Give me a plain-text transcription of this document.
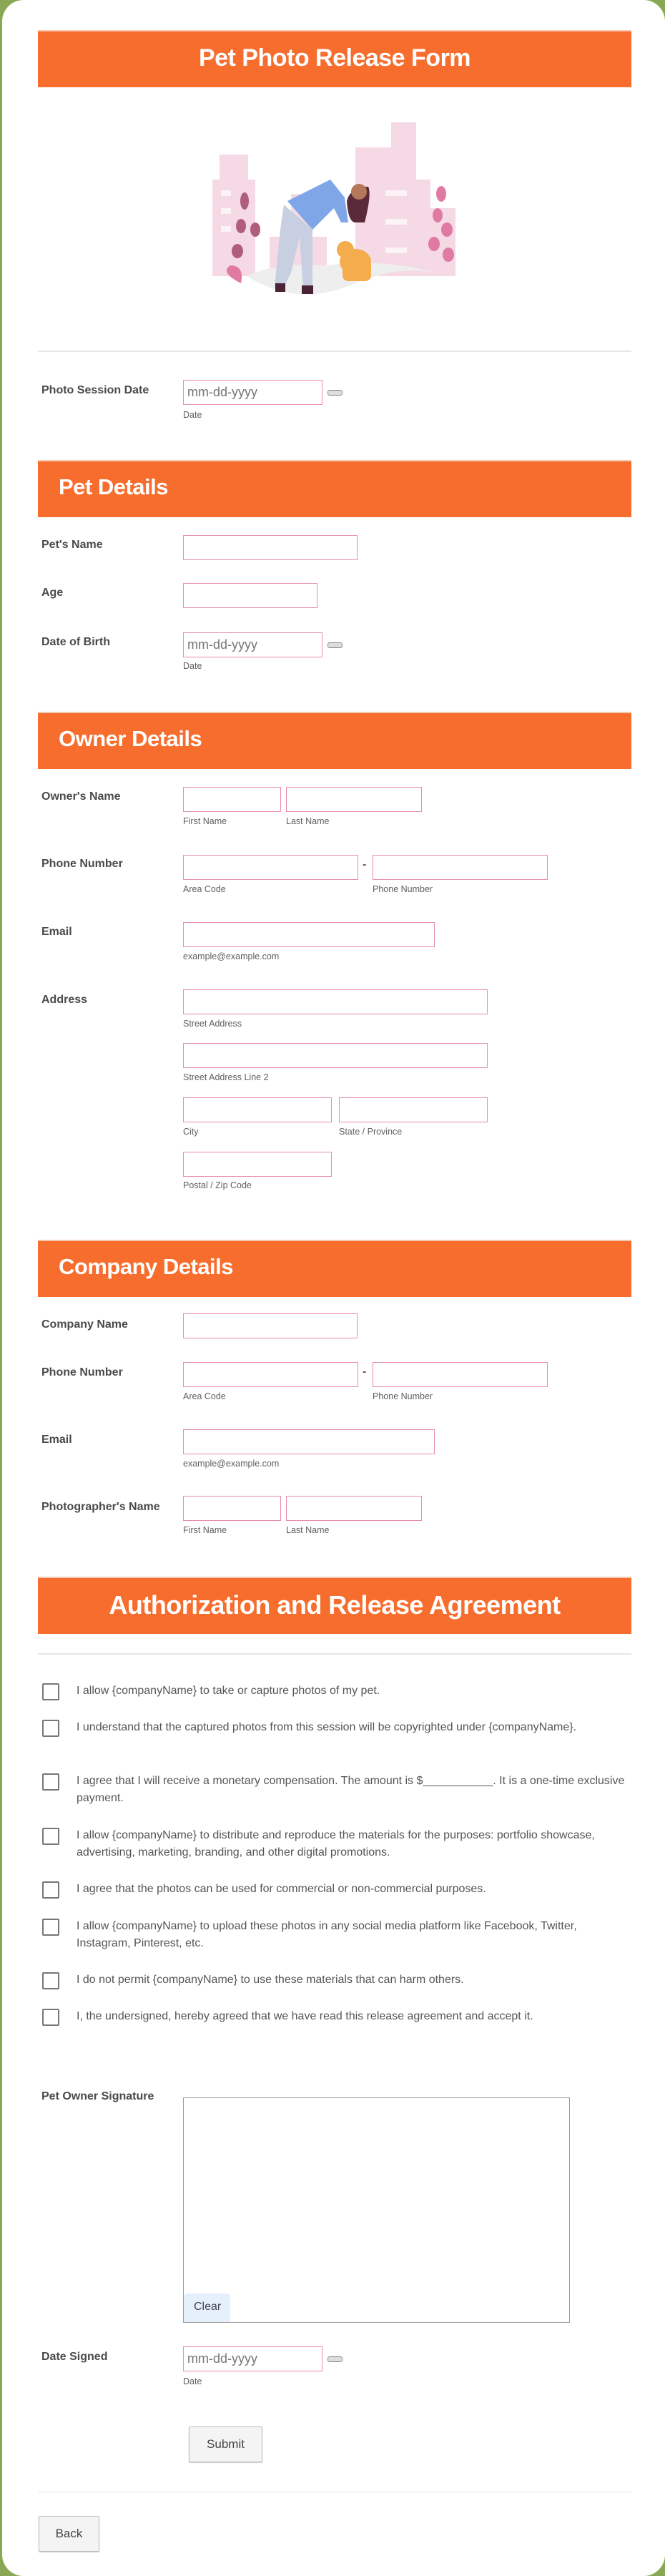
Pet Photo Release Form
Photo Session Date
mm-dd-yyyy
Date
Pet Details
Pet's Name
Age
Date of Birth
mm-dd-yyyy
Date
Owner Details
Owner's Name
First Name	Last Name
Phone Number	-
Area Code	Phone Number
Email
example@example.com
Address
Street Address
Street Address Line 2
City	State / Province
Postal / Zip Code
Company Details
Company Name
Phone Number	-
Area Code	Phone Number
Email
example@example.com
Photographer's Name
First Name	Last Name
Authorization and Release Agreement
I allow {companyName} to take or capture photos of my pet.
I understand that the captured photos from this session will be copyrighted under {companyName}.
I agree that I will receive a monetary compensation. The amount is $___________. It is a one-time exclusive payment.
I allow {companyName} to distribute and reproduce the materials for the purposes: portfolio showcase, advertising, marketing, branding, and other digital promotions.
I agree that the photos can be used for commercial or non-commercial purposes.
I allow {companyName} to upload these photos in any social media platform like Facebook, Twitter, Instagram, Pinterest, etc.
I do not permit {companyName} to use these materials that can harm others.
I, the undersigned, hereby agreed that we have read this release agreement and accept it.
Pet Owner Signature
Clear
Date Signed
mm-dd-yyyy
Date
Submit
Back
